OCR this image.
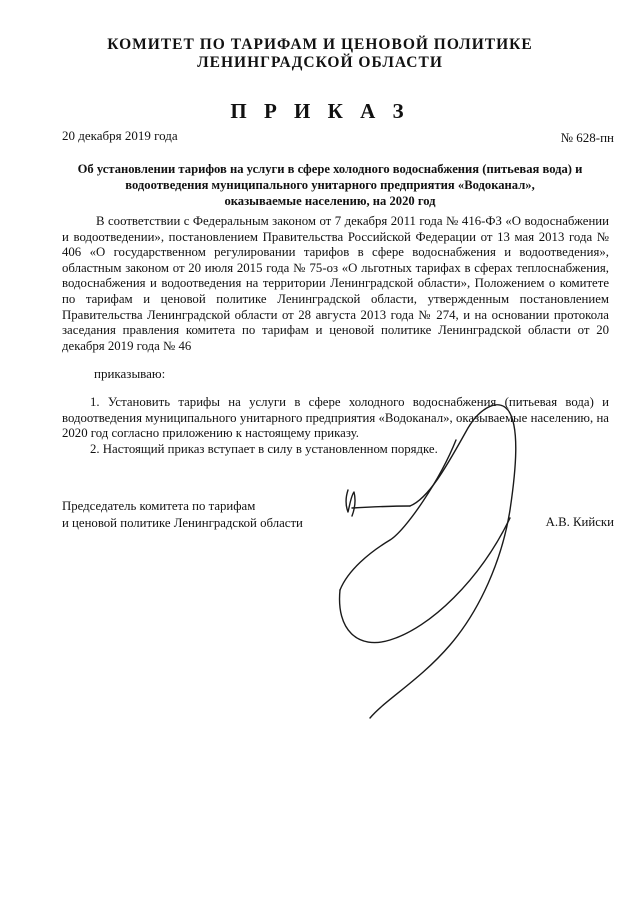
КОМИТЕТ ПО ТАРИФАМ И ЦЕНОВОЙ ПОЛИТИКЕ
ЛЕНИНГРАДСКОЙ ОБЛАСТИ
П Р И К А З
20 декабря 2019 года	№ 628-пн
Об установлении тарифов на услуги в сфере холодного водоснабжения (питьевая вода) и
водоотведения муниципального унитарного предприятия «Водоканал»,
оказываемые населению, на 2020 год

В соответствии с Федеральным законом от 7 декабря 2011 года № 416-ФЗ «О водоснабжении и водоотведении», постановлением Правительства Российской Федерации от 13 мая 2013 года № 406 «О государственном регулировании тарифов в сфере водоснабжения и водоотведения», областным законом от 20 июля 2015 года № 75-оз «О льготных тарифах в сферах теплоснабжения, водоснабжения и водоотведения на территории Ленинградской области», Положением о комитете по тарифам и ценовой политике Ленинградской области, утвержденным постановлением Правительства Ленинградской области от 28 августа 2013 года № 274, и на основании протокола заседания правления комитета по тарифам и ценовой политике Ленинградской области от 20 декабря 2019 года № 46

приказываю:

1. Установить тарифы на услуги в сфере холодного водоснабжения (питьевая вода) и водоотведения муниципального унитарного предприятия «Водоканал», оказываемые населению, на 2020 год согласно приложению к настоящему приказу.

2. Настоящий приказ вступает в силу в установленном порядке.

Председатель комитета по тарифам
и ценовой политике Ленинградской области	А.В. Кийски
